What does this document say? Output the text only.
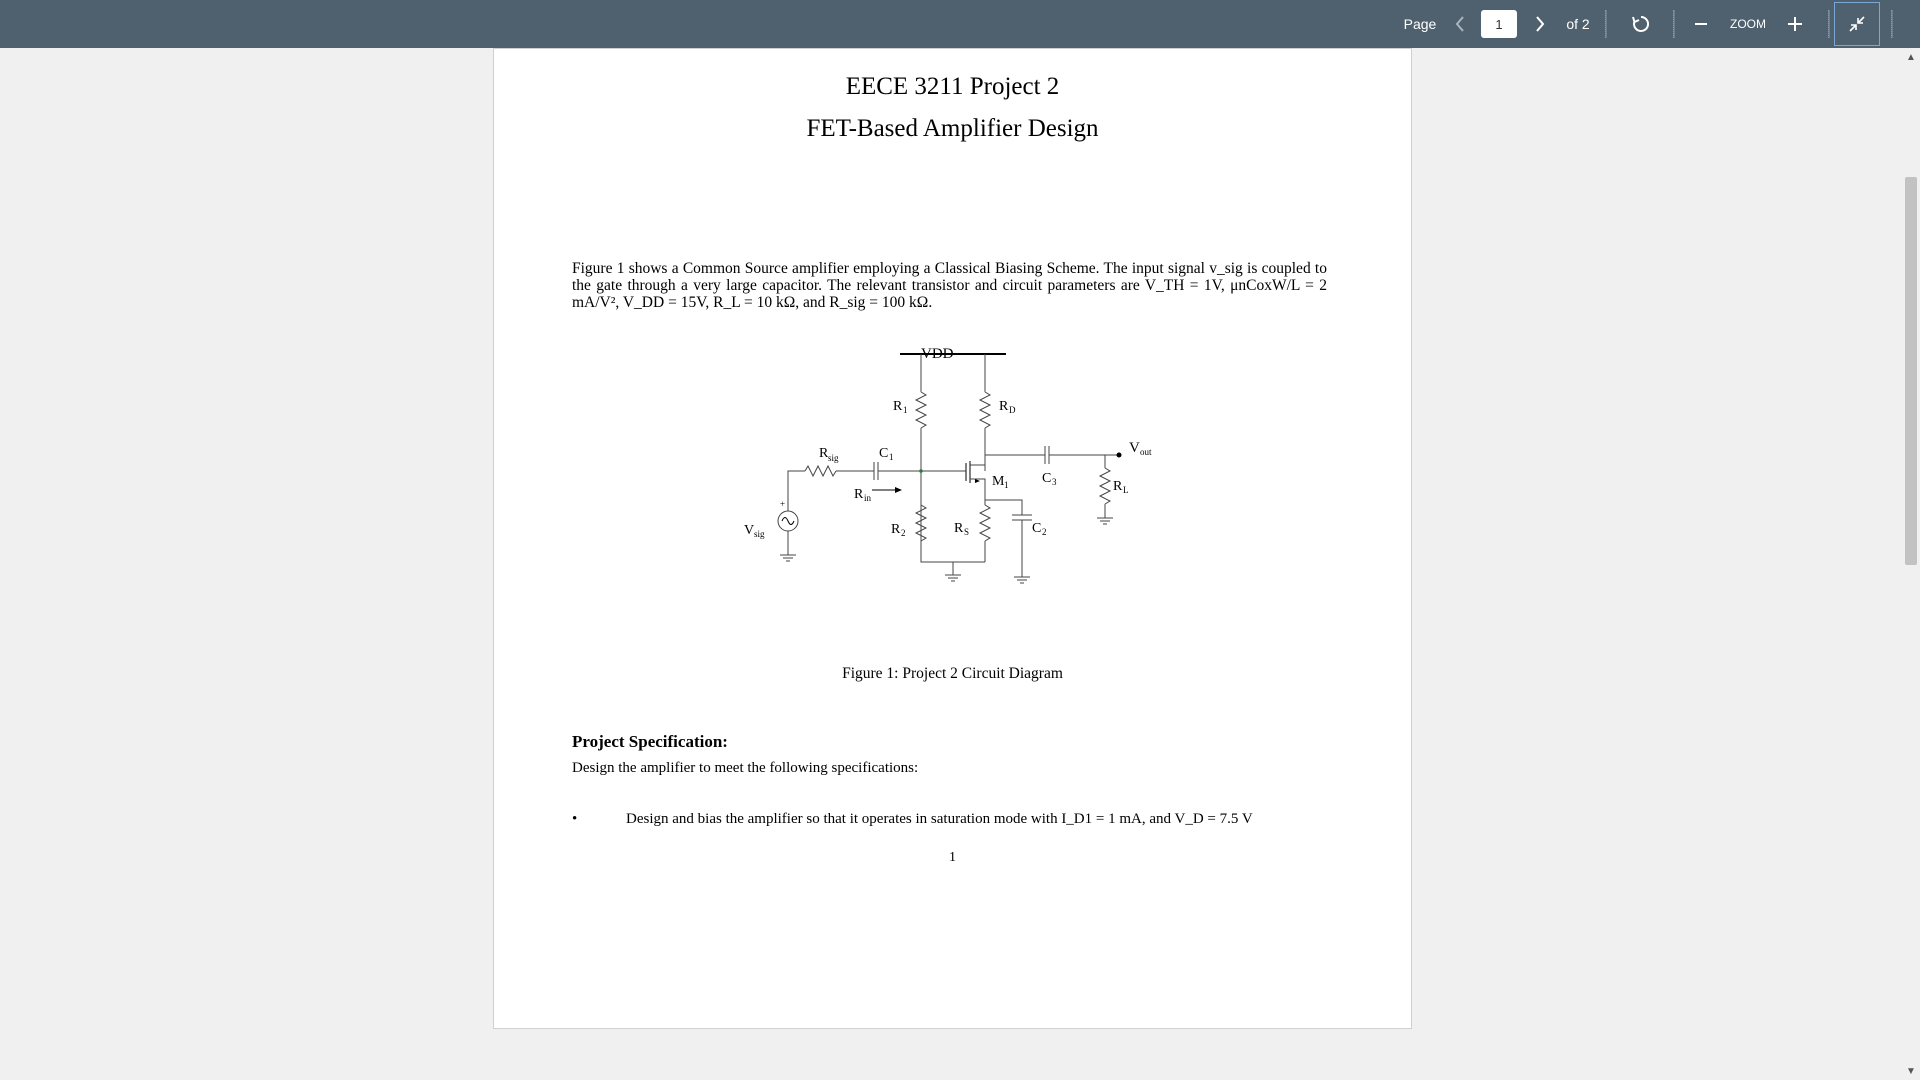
Page	1	of 2	ZOOM
▲
▼
EECE 3211 Project 2
FET-Based Amplifier Design

Figure 1 shows a Common Source amplifier employing a Classical Biasing Scheme. The input signal v_sig is coupled to the gate through a very large capacitor. The relevant transistor and circuit parameters are V_TH = 1V, μnCoxW/L = 2 mA/V², V_DD = 15V, R_L = 10 kΩ, and R_sig = 100 kΩ.

VDD
R 1	R D
R sig	C 1
M 1 C 3
V out
R L
R in
V sig
+
R 2	R S	C 2
Figure 1: Project 2 Circuit Diagram
Project Specification:
Design the amplifier to meet the following specifications:
•	Design and bias the amplifier so that it operates in saturation mode with I_D1 = 1 mA, and V_D = 7.5 V
1
